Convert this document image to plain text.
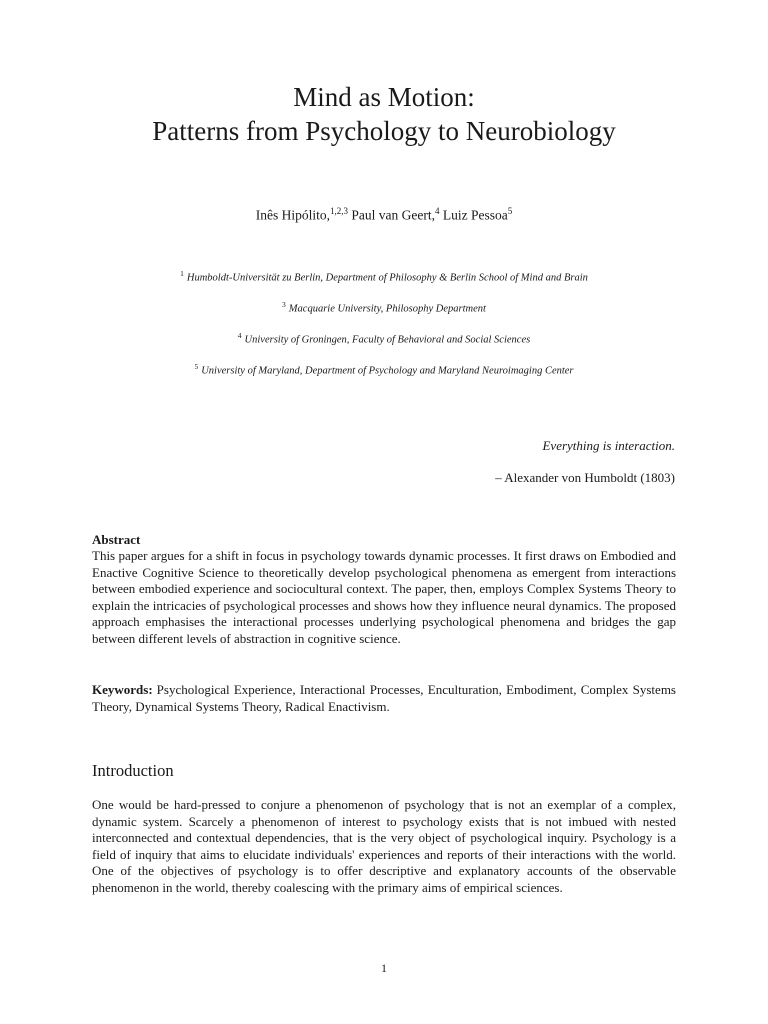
Mind as Motion:
Patterns from Psychology to Neurobiology
Inês Hipólito,$^{1,2,3}$ Paul van Geert,$^4$ Luiz Pessoa$^5$
$^1$ Humboldt-Universität zu Berlin, Department of Philosophy & Berlin School of Mind and Brain
$^3$ Macquarie University, Philosophy Department
$^4$ University of Groningen, Faculty of Behavioral and Social Sciences
$^5$ University of Maryland, Department of Psychology and Maryland Neuroimaging Center
Everything is interaction.
– Alexander von Humboldt (1803)
Abstract
This paper argues for a shift in focus in psychology towards dynamic processes. It first draws on Embodied and Enactive Cognitive Science to theoretically develop psychological phenomena as emergent from interactions between embodied experience and sociocultural context. The paper, then, employs Complex Systems Theory to explain the intricacies of psychological processes and shows how they influence neural dynamics. The proposed approach emphasises the interactional processes underlying psychological phenomena and bridges the gap between different levels of abstraction in cognitive science.
Keywords: Psychological Experience, Interactional Processes, Enculturation, Embodiment, Complex Systems Theory, Dynamical Systems Theory, Radical Enactivism.
Introduction
One would be hard-pressed to conjure a phenomenon of psychology that is not an exemplar of a complex, dynamic system. Scarcely a phenomenon of interest to psychology exists that is not imbued with nested interconnected and contextual dependencies, that is the very object of psychological inquiry. Psychology is a field of inquiry that aims to elucidate individuals' experiences and reports of their interactions with the world. One of the objectives of psychology is to offer descriptive and explanatory accounts of the observable phenomenon in the world, thereby coalescing with the primary aims of empirical sciences.
1
